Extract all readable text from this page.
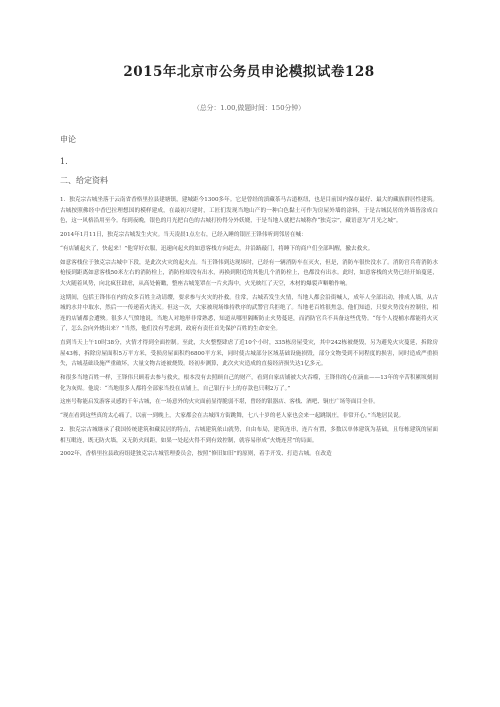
2015年北京市公务员申论模拟试卷128
（总分：1.00,做题时间：150分钟）
申论
1.
二、给定资料

1．独克宗古城坐落于云南省香格里拉县建塘镇，建城距今1300多年。它是曾经的滇藏茶马古道枢纽，也是目前国内保存最好、最大的藏族群居性建筑。古城按照佛经中香巴拉理想国的模样建成，在最初兴建时，工匠们发现当地山产的一种白色黏土可作为房屋外墙的涂料，于是古城民居的外墙皆涂成白色，这一风格沿用至今。每到夜晚，银色的月光把白色的古城打扮得分外妖娆，于是当地人就把古城称作“独克宗”，藏语意为“月光之城”。

2014年1月11日，独克宗古城发生火灾。当天凌晨1点左右，已经入睡的银匠王锋伟听到邻居在喊：

“有店铺起火了，快起来！”他穿好衣服，迅速向起火的如意客栈方向赶去，并沿路敲门，将睡下的商户们全部叫醒，撤去救火。

如意客栈位于独克宗古城中下段，是此次火灾的起火点。当王锋伟到达现场时，已经有一辆消防车在灭火，但是，消防车很快没水了。消防官兵将消防水枪接到距离如意客栈50米左右的消防栓上，消防栓却没有出水，再换到附近的其他几个消防栓上，也都没有出水。此时，如意客栈的火势已经开始蔓延，大火随着风势，向北疯狂肆虐，从高处俯瞰，整座古城笼罩在一片火海中，火光映红了天空，木材的爆裂声噼啪作响。

这期间，包括王锋伟在内的众多百姓主动请缨，要求参与火灾的扑救。往常，古城若发生火情，当地人都会沿街喊人，成年人全部出动，排成人墙，从古城的水井中取水，然后一一传递着火浇灭。但这一次，大家被现场维持秩序的武警官兵拒绝了。当地老百姓很焦急，他们知道，只要火势没有控制住，相连的店铺都会遭殃。很多人气愤地说，当地人对地形非常熟悉，知道从哪里隔断防止火势蔓延，而消防官兵不具备这些优势。“每个人提桶水都能将火灭了，怎么会向外烧出来？”当然，他们没有考虑到，政府有责任首先保护百姓的生命安全。

直到当天上午10时38分，火情才得到全面控制。至此，大火整整肆虐了近10个小时，335栋房屋受灾，其中242栋被烧毁，另为避免火灾蔓延，拆除房屋43栋，拆除房屋面积5万平方米，受损房屋面积约6800平方米，同时使古城部分区域基础设施损毁，部分文物受到不同程度的损害，同时造成严重损失，古城基础设施严重破坏，大量文物古迹被烧毁。经初步测算，此次火灾造成的直接经济损失达1亿多元。

和很多当地百姓一样，王锋伟只顾着去参与救火，根本没有去照顾自己的财产，看到自家店铺被大火吞噬，王锋伟的心在滴血——13年的辛苦积累顷刻间化为灰烬。他说：“当地很多人都将全部家当投在店铺上，自己银行卡上的存款也只剩2万了。”

这座号称能启发游客灵感的千年古城，在一场意外的火灾面前显得脆弱不堪，曾经的银器店、客栈、酒吧、铜庄广场等面目全非。

“现在看到这些真的太心痛了，以前一到晚上，大家都会在古城四方街跳舞，七八十岁的老人家也会来一起跳锅庄，非常开心。”当地居民说。

2．独克宗古城继承了我国传统建筑和藏民居的特点，古城建筑依山就势，自由布局，建筑连串，连片有置，多数以单体建筑为基础，且每栋建筑的屋面相互毗连，既无防火墙，又无防火间距，如果一处起火得不到有效控制，就容易形成“火烧连营”的局面。

2002年，香格里拉县政府组建独克宗古城管理委员会，按照“修旧如旧”的原则，着手开发、打造古城。在改造
